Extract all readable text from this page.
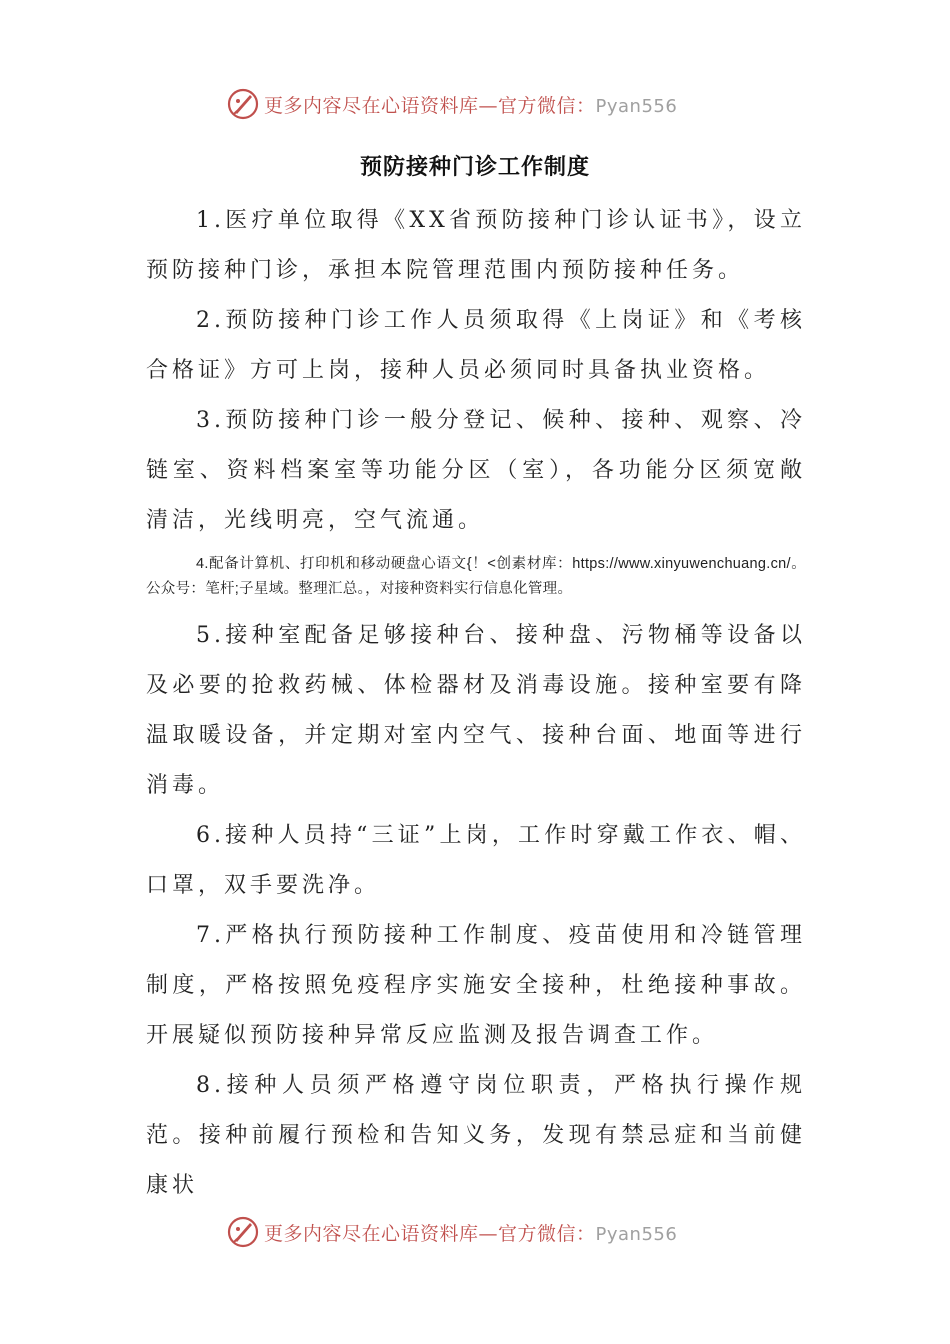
更多内容尽在心语资料库—官方微信：Pyan556
预防接种门诊工作制度

1.医疗单位取得《XX省预防接种门诊认证书》，设立预防接种门诊，承担本院管理范围内预防接种任务。

2.预防接种门诊工作人员须取得《上岗证》和《考核合格证》方可上岗，接种人员必须同时具备执业资格。

3.预防接种门诊一般分登记、候种、接种、观察、冷链室、资料档案室等功能分区（室），各功能分区须宽敞清洁，光线明亮，空气流通。

4.配备计算机、打印机和移动硬盘心语文{！<创素材库：https://www.xinyuwenchuang.cn/。公众号：笔杆;子星域。整理汇总。，对接种资料实行信息化管理。

5.接种室配备足够接种台、接种盘、污物桶等设备以及必要的抢救药械、体检器材及消毒设施。接种室要有降温取暖设备，并定期对室内空气、接种台面、地面等进行消毒。

6.接种人员持“三证”上岗，工作时穿戴工作衣、帽、口罩，双手要洗净。

7.严格执行预防接种工作制度、疫苗使用和冷链管理制度，严格按照免疫程序实施安全接种，杜绝接种事故。开展疑似预防接种异常反应监测及报告调查工作。

8.接种人员须严格遵守岗位职责，严格执行操作规范。接种前履行预检和告知义务，发现有禁忌症和当前健康状

更多内容尽在心语资料库—官方微信：Pyan556
